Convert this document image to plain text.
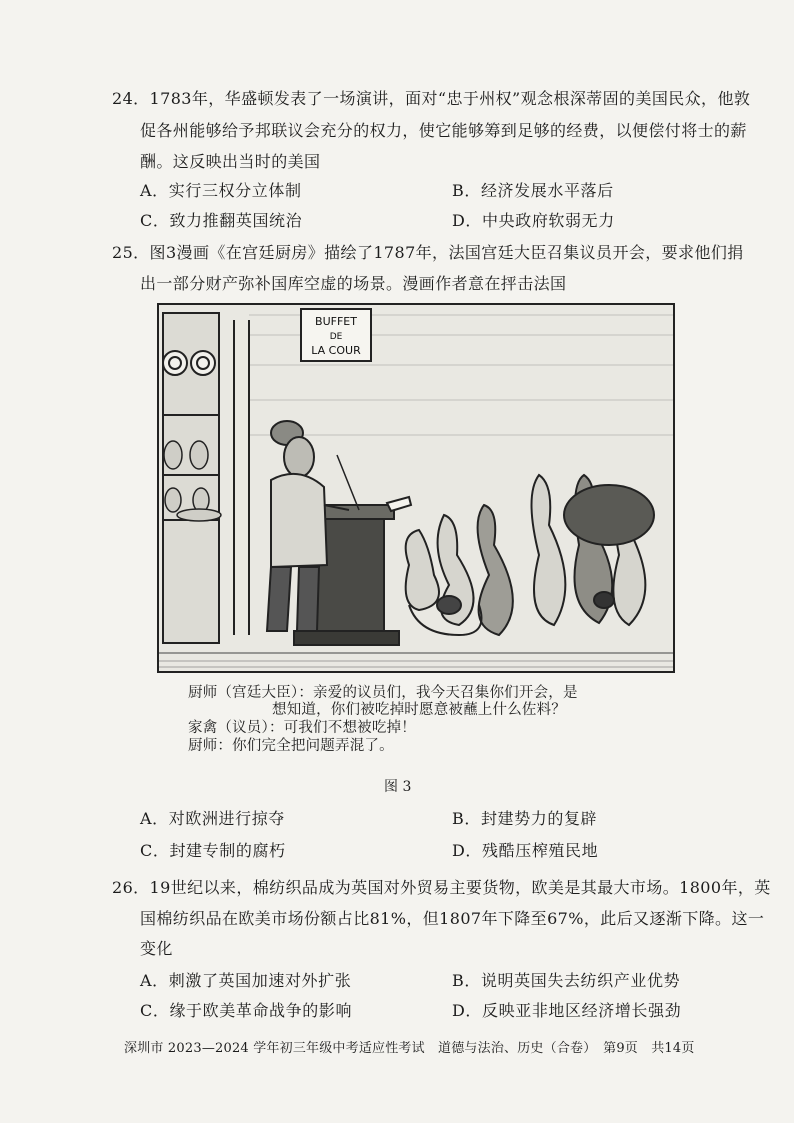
24．1783年，华盛顿发表了一场演讲，面对“忠于州权”观念根深蒂固的美国民众，他敦
促各州能够给予邦联议会充分的权力，使它能够筹到足够的经费，以便偿付将士的薪
酬。这反映出当时的美国
A．实行三权分立体制	B．经济发展水平落后
C．致力推翻英国统治	D．中央政府软弱无力
25．图3漫画《在宫廷厨房》描绘了1787年，法国宫廷大臣召集议员开会，要求他们捐
出一部分财产弥补国库空虚的场景。漫画作者意在抨击法国
BUFFET
DE
LA COUR
厨师（宫廷大臣）：亲爱的议员们，我今天召集你们开会，是
想知道，你们被吃掉时愿意被蘸上什么佐料？
家禽（议员）：可我们不想被吃掉！
厨师：你们完全把问题弄混了。
图 3
A．对欧洲进行掠夺	B．封建势力的复辟
C．封建专制的腐朽	D．残酷压榨殖民地
26．19世纪以来，棉纺织品成为英国对外贸易主要货物，欧美是其最大市场。1800年，英
国棉纺织品在欧美市场份额占比81%，但1807年下降至67%，此后又逐渐下降。这一
变化
A．刺激了英国加速对外扩张	B．说明英国失去纺织产业优势
C．缘于欧美革命战争的影响	D．反映亚非地区经济增长强劲
深圳市 2023—2024 学年初三年级中考适应性考试　道德与法治、历史（合卷）　第9页　共14页
